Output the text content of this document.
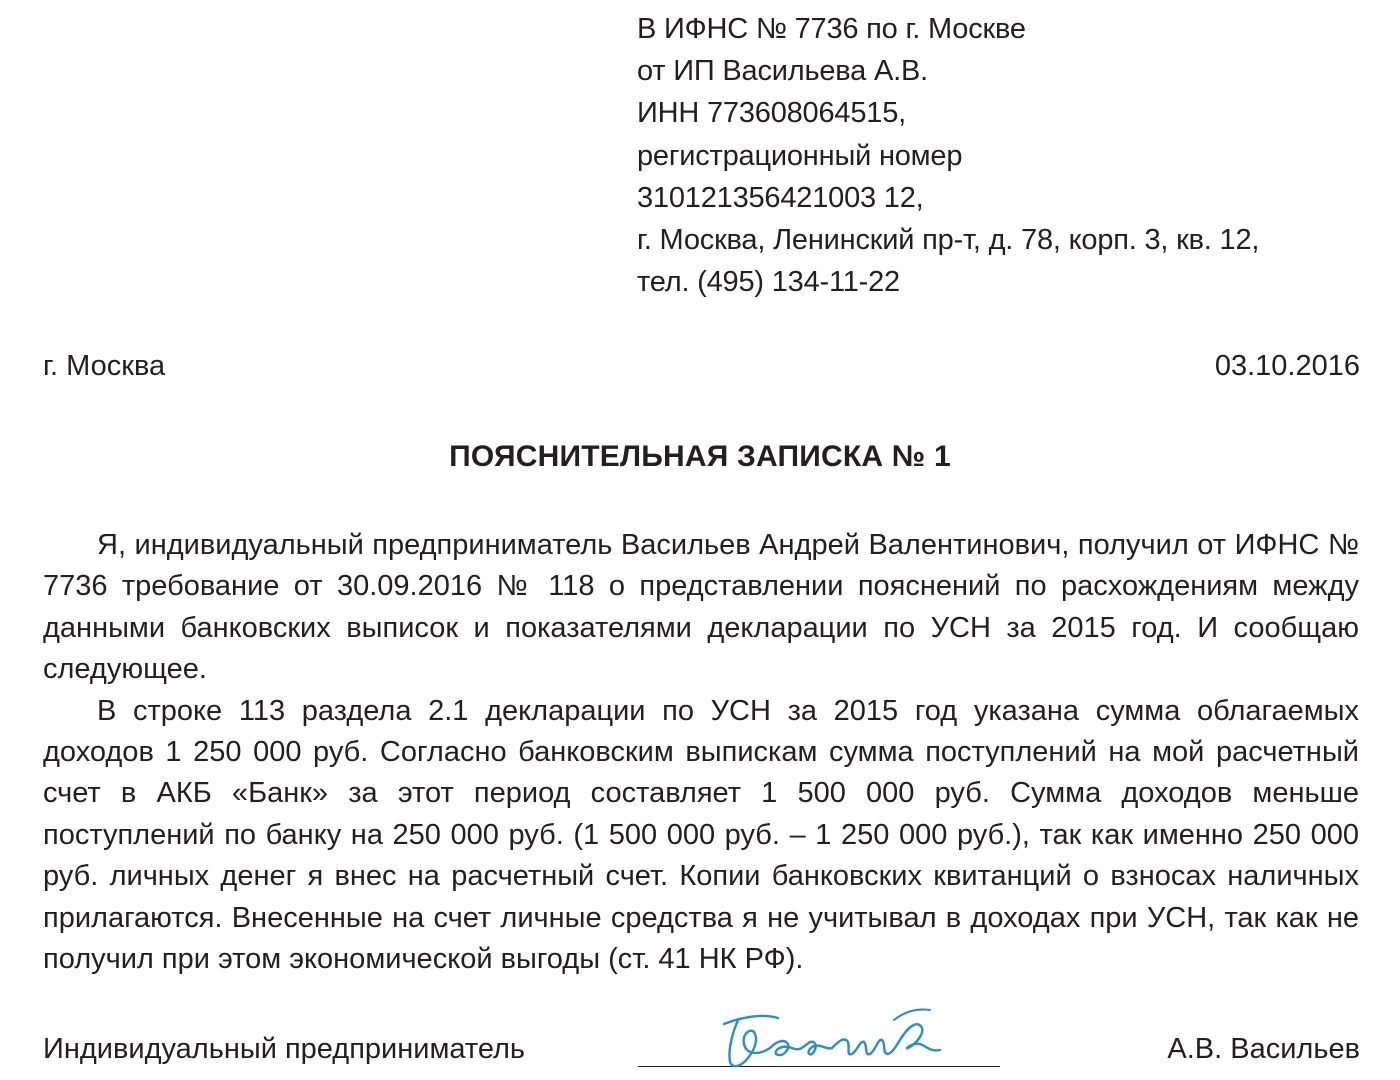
В ИФНС № 7736 по г. Москве
от ИП Васильева А.В.
ИНН 773608064515,
регистрационный номер
310121356421003 12,
г. Москва, Ленинский пр-т, д. 78, корп. 3, кв. 12,
тел. (495) 134-11-22
г. Москва	03.10.2016
ПОЯСНИТЕЛЬНАЯ ЗАПИСКА № 1

Я, индивидуальный предприниматель Васильев Андрей Валентинович, получил от ИФНС № 7736 требование от 30.09.2016 № 118 о представлении пояснений по расхождениям между данными банковских выписок и показателями декларации по УСН за 2015 год. И сообщаю следующее.

В строке 113 раздела 2.1 декларации по УСН за 2015 год указана сумма облагаемых доходов 1 250 000 руб. Согласно банковским выпискам сумма поступлений на мой расчетный счет в АКБ «Банк» за этот период составляет 1 500 000 руб. Сумма доходов меньше поступлений по банку на 250 000 руб. (1 500 000 руб. – 1 250 000 руб.), так как именно 250 000 руб. личных денег я внес на расчетный счет. Копии банковских квитанций о взносах наличных прилагаются. Внесенные на счет личные средства я не учитывал в доходах при УСН, так как не получил при этом экономической выгоды (ст. 41 НК РФ).

Индивидуальный предприниматель	А.В. Васильев
